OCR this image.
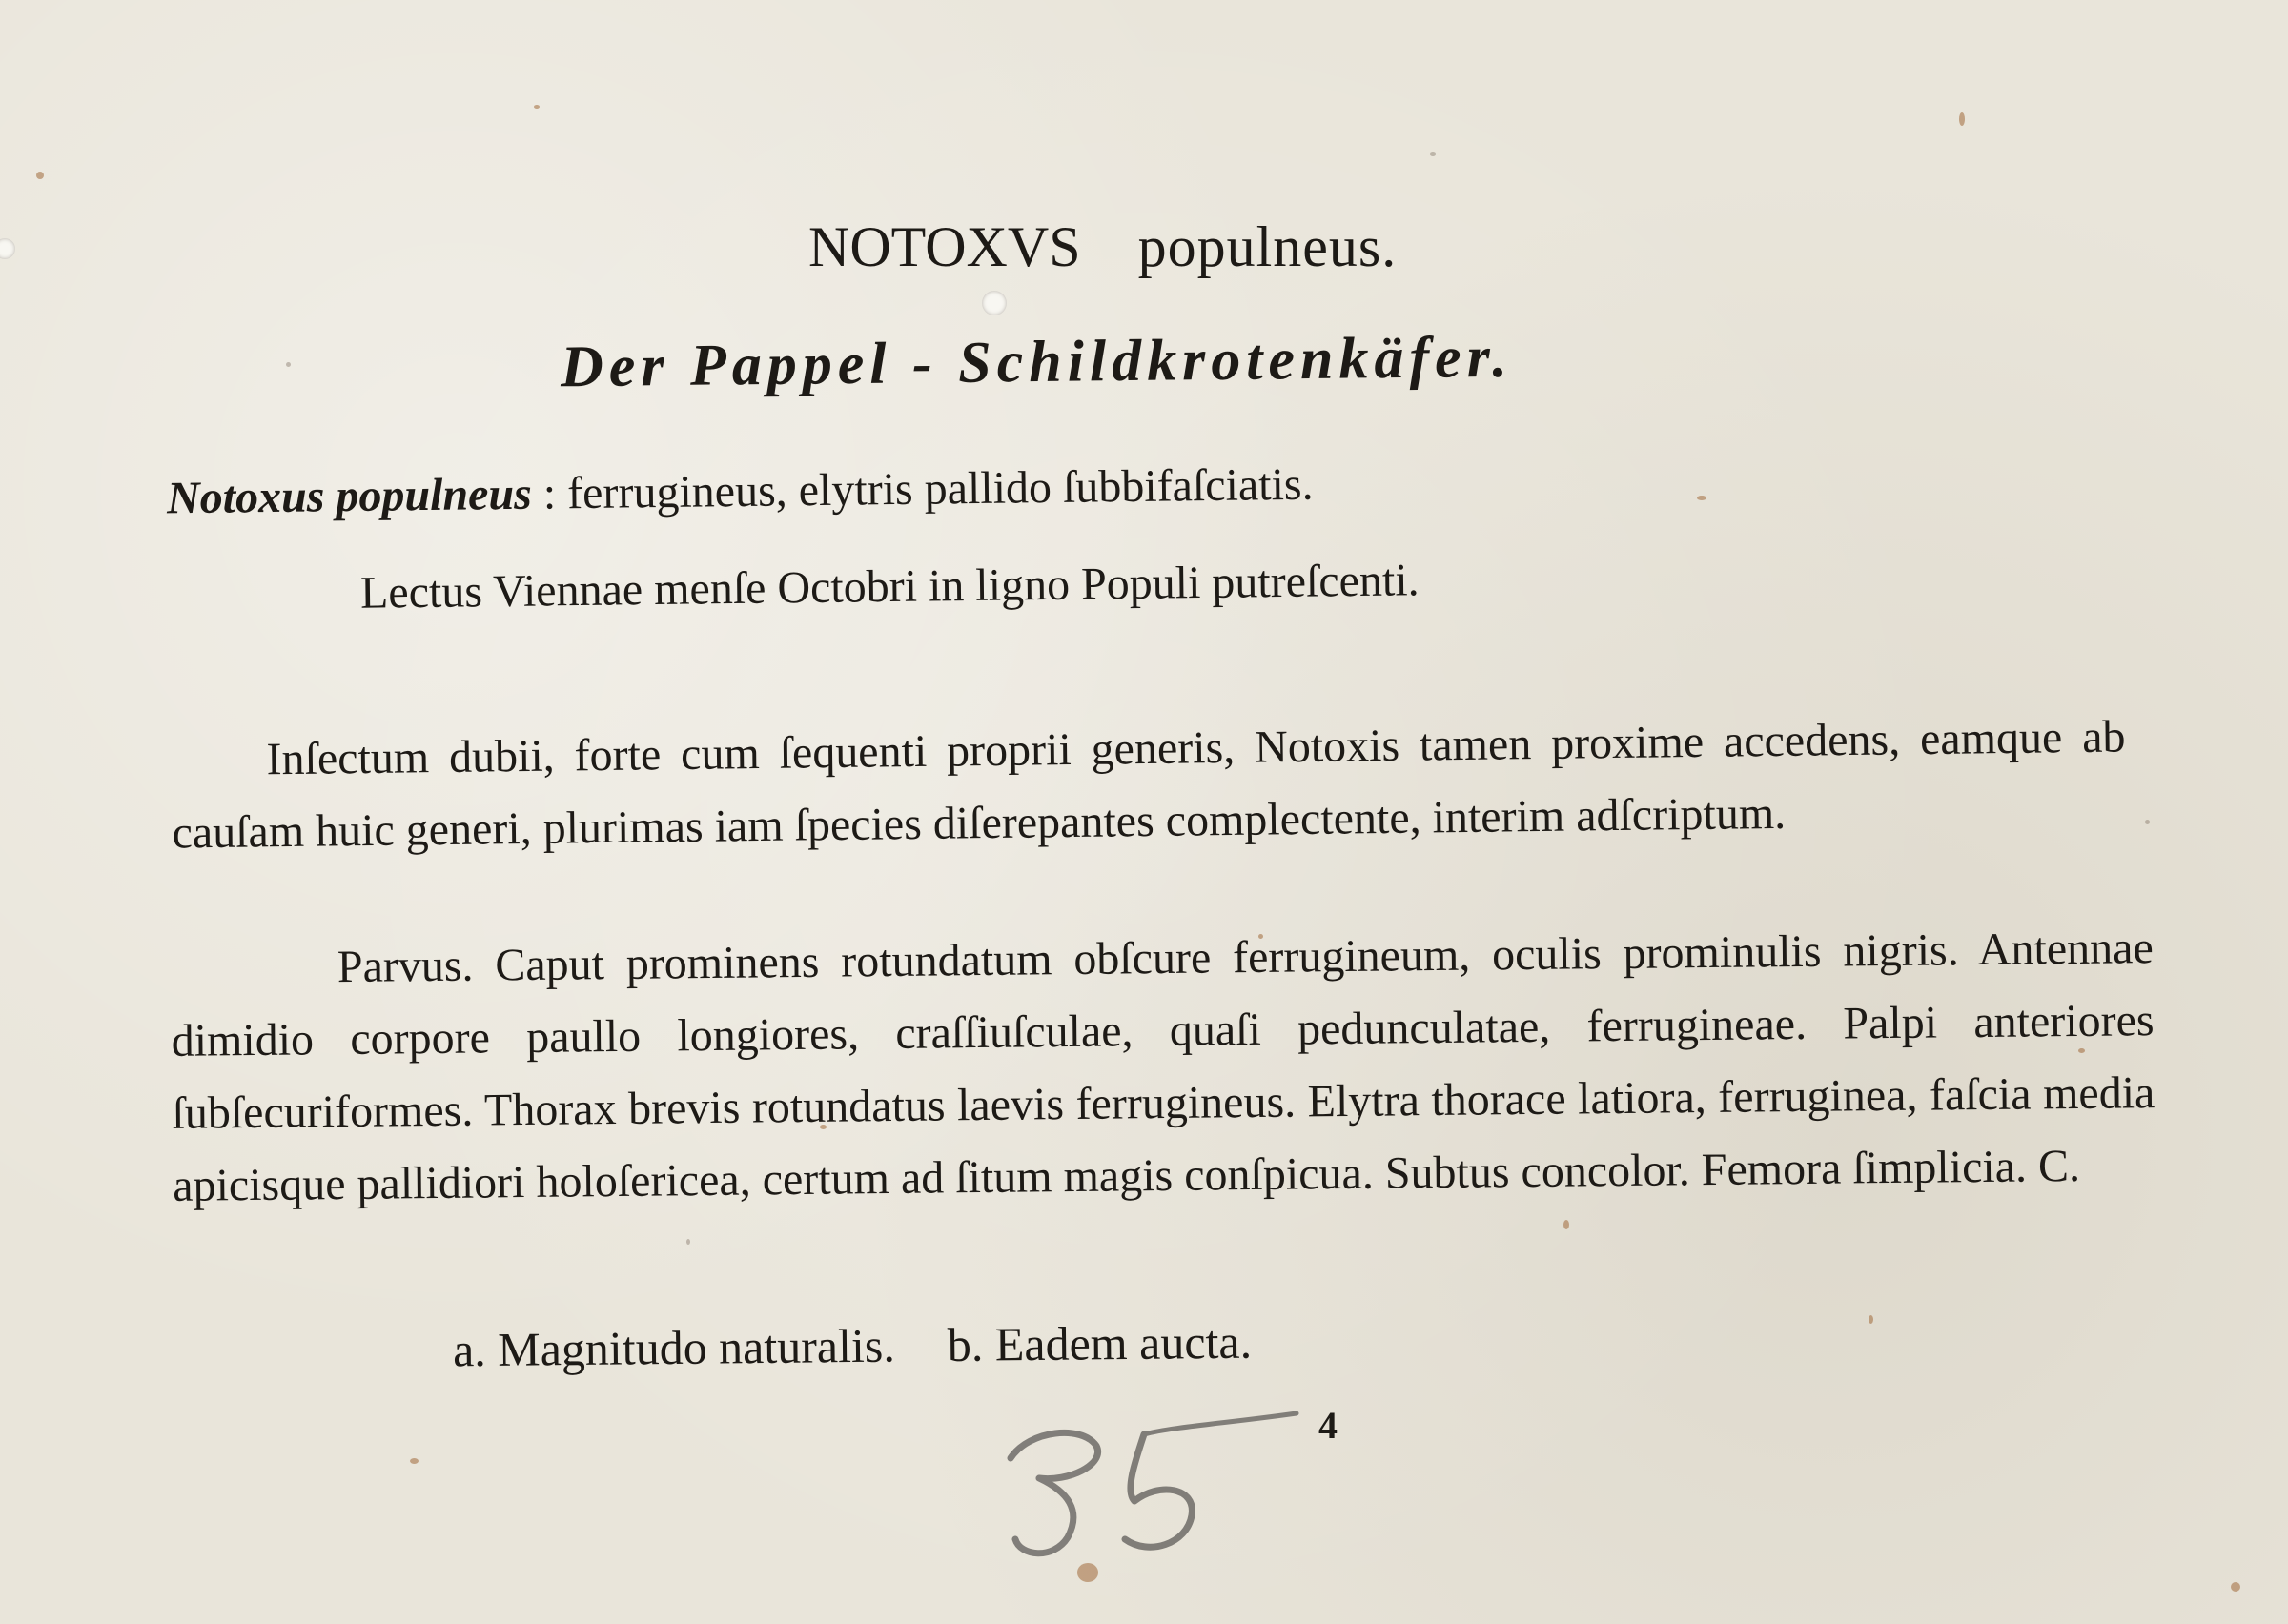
NOTOXVS populneus.

Der Pappel - Schildkrotenkäfer.

Notoxus populneus : ferrugineus, elytris pallido ſubbifaſciatis.

Lectus Viennae menſe Octobri in ligno Populi putreſcenti.

Inſectum dubii, forte cum ſequenti proprii generis, Notoxis tamen proxime accedens, eamque ab cauſam huic generi, plurimas iam ſpecies diſerepantes complectente, interim adſcriptum.

Parvus. Caput prominens rotundatum obſcure ferrugineum, oculis prominulis nigris. Antennae dimidio corpore paullo longiores, craſſiuſculae, quaſi pedunculatae, ferrugineae. Palpi anteriores ſubſecuriformes. Thorax brevis rotundatus laevis ferrugineus. Elytra thorace latiora, ferruginea, faſcia media apicisque pallidiori holoſericea, certum ad ſitum magis conſpicua. Subtus concolor. Femora ſimplicia. C.

a. Magnitudo naturalis. b. Eadem aucta.

4
